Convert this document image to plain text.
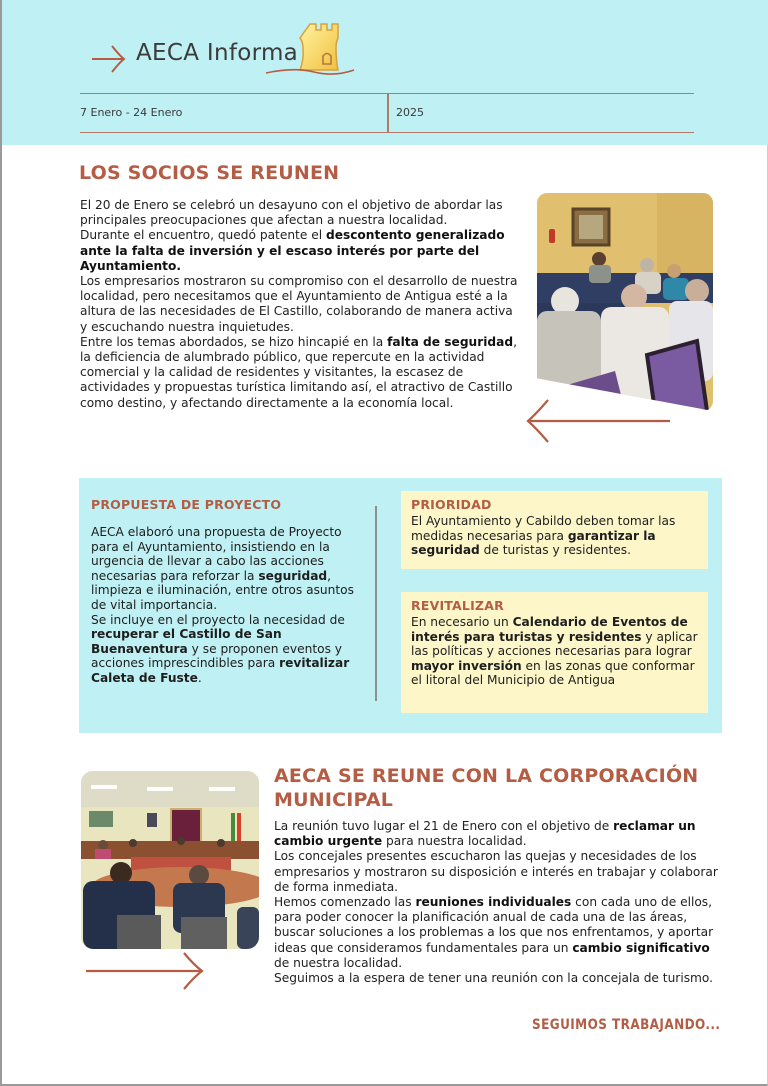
AECA Informa
7 Enero - 24 Enero	2025
LOS SOCIOS SE REUNEN
El 20 de Enero se celebró un desayuno con el objetivo de abordar las principales preocupaciones que afectan a nuestra localidad.
Durante el encuentro, quedó patente el descontento generalizado ante la falta de inversión y el escaso interés por parte del Ayuntamiento.
Los empresarios mostraron su compromiso con el desarrollo de nuestra localidad, pero necesitamos que el Ayuntamiento de Antigua esté a la altura de las necesidades de El Castillo, colaborando de manera activa y escuchando nuestra inquietudes.
Entre los temas abordados, se hizo hincapié en la falta de seguridad, la deficiencia de alumbrado público, que repercute en la actividad comercial y la calidad de residentes y visitantes, la escasez de actividades y propuestas turística limitando así, el atractivo de Castillo como destino, y afectando directamente a la economía local.
PROPUESTA DE PROYECTO
AECA elaboró una propuesta de Proyecto para el Ayuntamiento, insistiendo en la urgencia de llevar a cabo las acciones necesarias para reforzar la seguridad, limpieza e iluminación, entre otros asuntos de vital importancia.
Se incluye en el proyecto la necesidad de recuperar el Castillo de San Buenaventura y se proponen eventos y acciones imprescindibles para revitalizar Caleta de Fuste.
PRIORIDAD
El Ayuntamiento y Cabildo deben tomar las medidas necesarias para garantizar la seguridad de turistas y residentes.
REVITALIZAR
En necesario un Calendario de Eventos de interés para turistas y residentes y aplicar las políticas y acciones necesarias para lograr mayor inversión en las zonas que conformar el litoral del Municipio de Antigua
AECA SE REUNE CON LA CORPORACIÓN MUNICIPAL
La reunión tuvo lugar el 21 de Enero con el objetivo de reclamar un cambio urgente para nuestra localidad.
Los concejales presentes escucharon las quejas y necesidades de los empresarios y mostraron su disposición e interés en trabajar y colaborar de forma inmediata.
Hemos comenzado las reuniones individuales con cada uno de ellos, para poder conocer la planificación anual de cada una de las áreas, buscar soluciones a los problemas a los que nos enfrentamos, y aportar ideas que consideramos fundamentales para un cambio significativo de nuestra localidad.
Seguimos a la espera de tener una reunión con la concejala de turismo.
SEGUIMOS TRABAJANDO...
